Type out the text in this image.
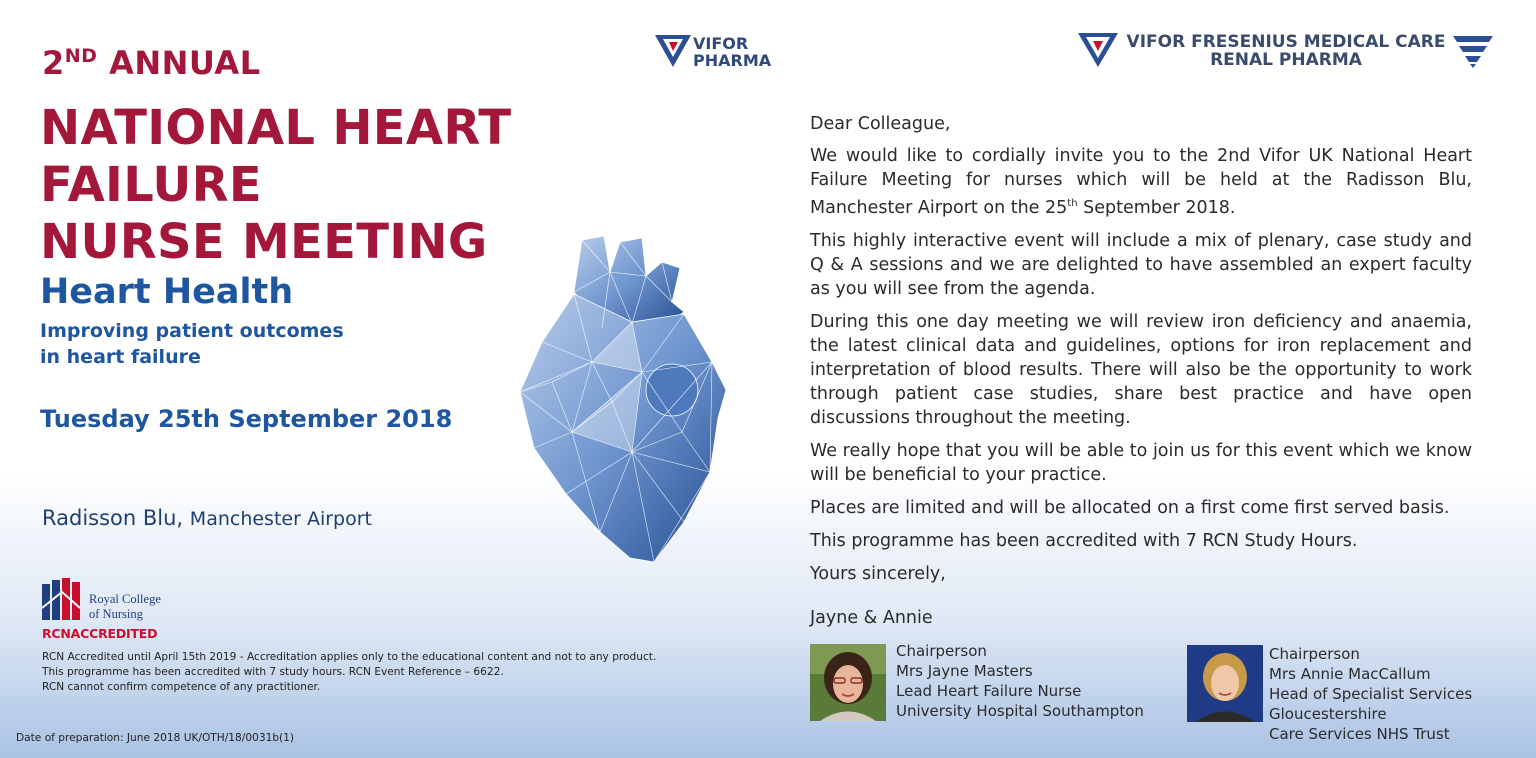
2ND ANNUAL
NATIONAL HEART FAILURE
NURSE MEETING
Heart Health
Improving patient outcomes
in heart failure
Tuesday 25th September 2018
Radisson Blu, Manchester Airport
VIFOR
PHARMA
VIFOR FRESENIUS MEDICAL CARE
RENAL PHARMA

Dear Colleague,

We would like to cordially invite you to the 2nd Vifor UK National Heart Failure Meeting for nurses which will be held at the Radisson Blu, Manchester Airport on the 25th September 2018.

This highly interactive event will include a mix of plenary, case study and Q & A sessions and we are delighted to have assembled an expert faculty as you will see from the agenda.

During this one day meeting we will review iron deficiency and anaemia, the latest clinical data and guidelines, options for iron replacement and interpretation of blood results. There will also be the opportunity to work through patient case studies, share best practice and have open discussions throughout the meeting.

We really hope that you will be able to join us for this event which we know will be beneficial to your practice.

Places are limited and will be allocated on a first come first served basis.

This programme has been accredited with 7 RCN Study Hours.

Yours sincerely,

Jayne & Annie

Chairperson
Mrs Jayne Masters
Lead Heart Failure Nurse
University Hospital Southampton
Chairperson
Mrs Annie MacCallum
Head of Specialist Services
Gloucestershire
Care Services NHS Trust
Royal College
of Nursing
RCNACCREDITED
RCN Accredited until April 15th 2019 - Accreditation applies only to the educational content and not to any product.
This programme has been accredited with 7 study hours. RCN Event Reference – 6622.
RCN cannot confirm competence of any practitioner.
Date of preparation: June 2018 UK/OTH/18/0031b(1)
